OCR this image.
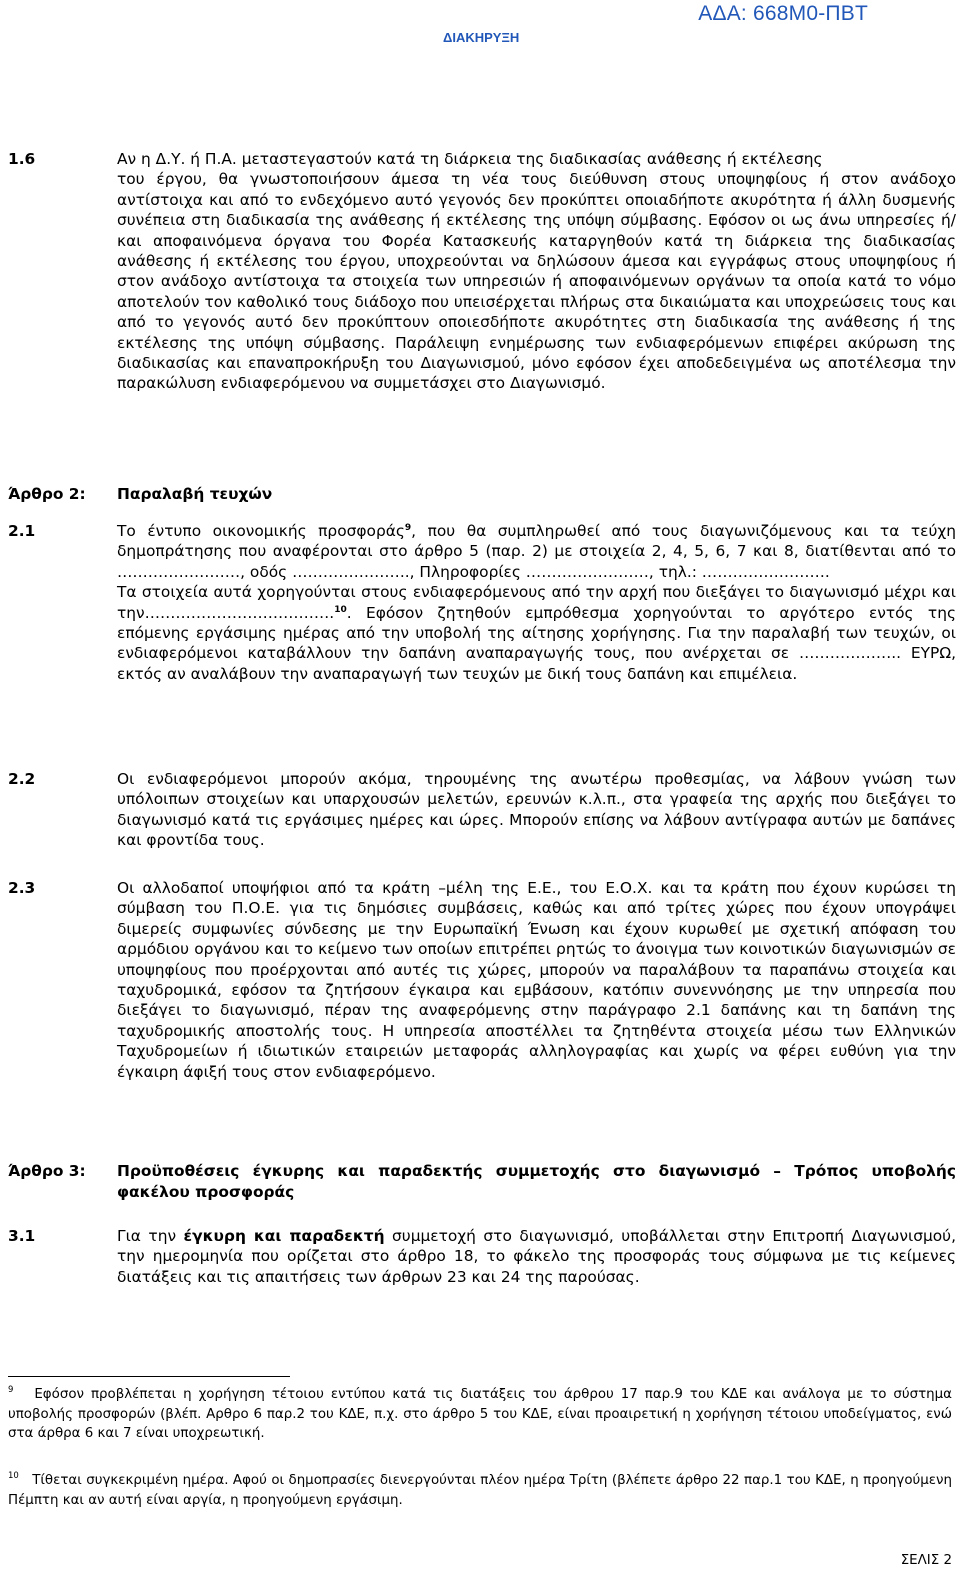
ΑΔΑ: 668Μ0-ΠΒΤ
ΔΙΑΚΗΡΥΞΗ
1.6	Αν η Δ.Υ. ή Π.Α. μεταστεγαστούν κατά τη διάρκεια της διαδικασίας ανάθεσης ή εκτέλεσης
του έργου, θα γνωστοποιήσουν άμεσα τη νέα τους διεύθυνση στους υποψηφίους ή στον ανάδοχο αντίστοιχα και από το ενδεχόμενο αυτό γεγονός δεν προκύπτει οποιαδήποτε ακυρότητα ή άλλη δυσμενής συνέπεια στη διαδικασία της ανάθεσης ή εκτέλεσης της υπόψη σύμβασης. Εφόσον οι ως άνω υπηρεσίες ή/και αποφαινόμενα όργανα του Φορέα Κατασκευής καταργηθούν κατά τη διάρκεια της διαδικασίας ανάθεσης ή εκτέλεσης του έργου, υποχρεούνται να δηλώσουν άμεσα και εγγράφως στους υποψηφίους ή στον ανάδοχο αντίστοιχα τα στοιχεία των υπηρεσιών ή αποφαινόμενων οργάνων τα οποία κατά το νόμο αποτελούν τον καθολικό τους διάδοχο που υπεισέρχεται πλήρως στα δικαιώματα και υποχρεώσεις τους και από το γεγονός αυτό δεν προκύπτουν οποιεσδήποτε ακυρότητες στη διαδικασία της ανάθεσης ή της εκτέλεσης της υπόψη σύμβασης. Παράλειψη ενημέρωσης των ενδιαφερόμενων επιφέρει ακύρωση της διαδικασίας και επαναπροκήρυξη του Διαγωνισμού, μόνο εφόσον έχει αποδεδειγμένα ως αποτέλεσμα την παρακώλυση ενδιαφερόμενου να συμμετάσχει στο Διαγωνισμό.
Άρθρο 2: Παραλαβή τευχών
2.1	Το έντυπο οικονομικής προσφοράς$^9$, που θα συμπληρωθεί από τους διαγωνιζόμενους και τα τεύχη δημοπράτησης που αναφέρονται στο άρθρο 5 (παρ. 2) με στοιχεία 2, 4, 5, 6, 7 και 8, διατίθενται από το ……………………, οδός ………………….., Πληροφορίες ……………………, τηλ.: …………………….
Τα στοιχεία αυτά χορηγούνται στους ενδιαφερόμενους από την αρχή που διεξάγει το διαγωνισμό μέχρι και την……………………………….$^{10}$. Εφόσον ζητηθούν εμπρόθεσμα χορηγούνται το αργότερο εντός της επόμενης εργάσιμης ημέρας από την υποβολή της αίτησης χορήγησης. Για την παραλαβή των τευχών, οι ενδιαφερόμενοι καταβάλλουν την δαπάνη αναπαραγωγής τους, που ανέρχεται σε ……………….. ΕΥΡΩ, εκτός αν αναλάβουν την αναπαραγωγή των τευχών με δική τους δαπάνη και επιμέλεια.
2.2	Οι ενδιαφερόμενοι μπορούν ακόμα, τηρουμένης της ανωτέρω προθεσμίας, να λάβουν γνώση των υπόλοιπων στοιχείων και υπαρχουσών μελετών, ερευνών κ.λ.π., στα γραφεία της αρχής που διεξάγει το διαγωνισμό κατά τις εργάσιμες ημέρες και ώρες. Μπορούν επίσης να λάβουν αντίγραφα αυτών με δαπάνες και φροντίδα τους.
2.3	Οι αλλοδαποί υποψήφιοι από τα κράτη –μέλη της Ε.Ε., του Ε.Ο.Χ. και τα κράτη που έχουν κυρώσει τη σύμβαση του Π.Ο.Ε. για τις δημόσιες συμβάσεις, καθώς και από τρίτες χώρες που έχουν υπογράψει διμερείς συμφωνίες σύνδεσης με την Ευρωπαϊκή Ένωση και έχουν κυρωθεί με σχετική απόφαση του αρμόδιου οργάνου και το κείμενο των οποίων επιτρέπει ρητώς το άνοιγμα των κοινοτικών διαγωνισμών σε υποψηφίους που προέρχονται από αυτές τις χώρες, μπορούν να παραλάβουν τα παραπάνω στοιχεία και ταχυδρομικά, εφόσον τα ζητήσουν έγκαιρα και εμβάσουν, κατόπιν συνεννόησης με την υπηρεσία που διεξάγει το διαγωνισμό, πέραν της αναφερόμενης στην παράγραφο 2.1 δαπάνης και τη δαπάνη της ταχυδρομικής αποστολής τους. Η υπηρεσία αποστέλλει τα ζητηθέντα στοιχεία μέσω των Ελληνικών Ταχυδρομείων ή ιδιωτικών εταιρειών μεταφοράς αλληλογραφίας και χωρίς να φέρει ευθύνη για την έγκαιρη άφιξή τους στον ενδιαφερόμενο.
Άρθρο 3: Προϋποθέσεις έγκυρης και παραδεκτής συμμετοχής στο διαγωνισμό – Τρόπος υποβολής φακέλου προσφοράς
3.1	Για την έγκυρη και παραδεκτή συμμετοχή στο διαγωνισμό, υποβάλλεται στην Επιτροπή Διαγωνισμού, την ημερομηνία που ορίζεται στο άρθρο 18, το φάκελο της προσφοράς τους σύμφωνα με τις κείμενες διατάξεις και τις απαιτήσεις των άρθρων 23 και 24 της παρούσας.
$^9$ Εφόσον προβλέπεται η χορήγηση τέτοιου εντύπου κατά τις διατάξεις του άρθρου 17 παρ.9 του ΚΔΕ και ανάλογα με το σύστημα υποβολής προσφορών (βλέπ. Αρθρο 6 παρ.2 του ΚΔΕ, π.χ. στο άρθρο 5 του ΚΔΕ, είναι προαιρετική η χορήγηση τέτοιου υποδείγματος, ενώ στα άρθρα 6 και 7 είναι υποχρεωτική.
$^{10}$ Τίθεται συγκεκριμένη ημέρα. Αφού οι δημοπρασίες διενεργούνται πλέον ημέρα Τρίτη (βλέπετε άρθρο 22 παρ.1 του ΚΔΕ, η προηγούμενη Πέμπτη και αν αυτή είναι αργία, η προηγούμενη εργάσιμη.
ΣΕΛΙΣ 2
